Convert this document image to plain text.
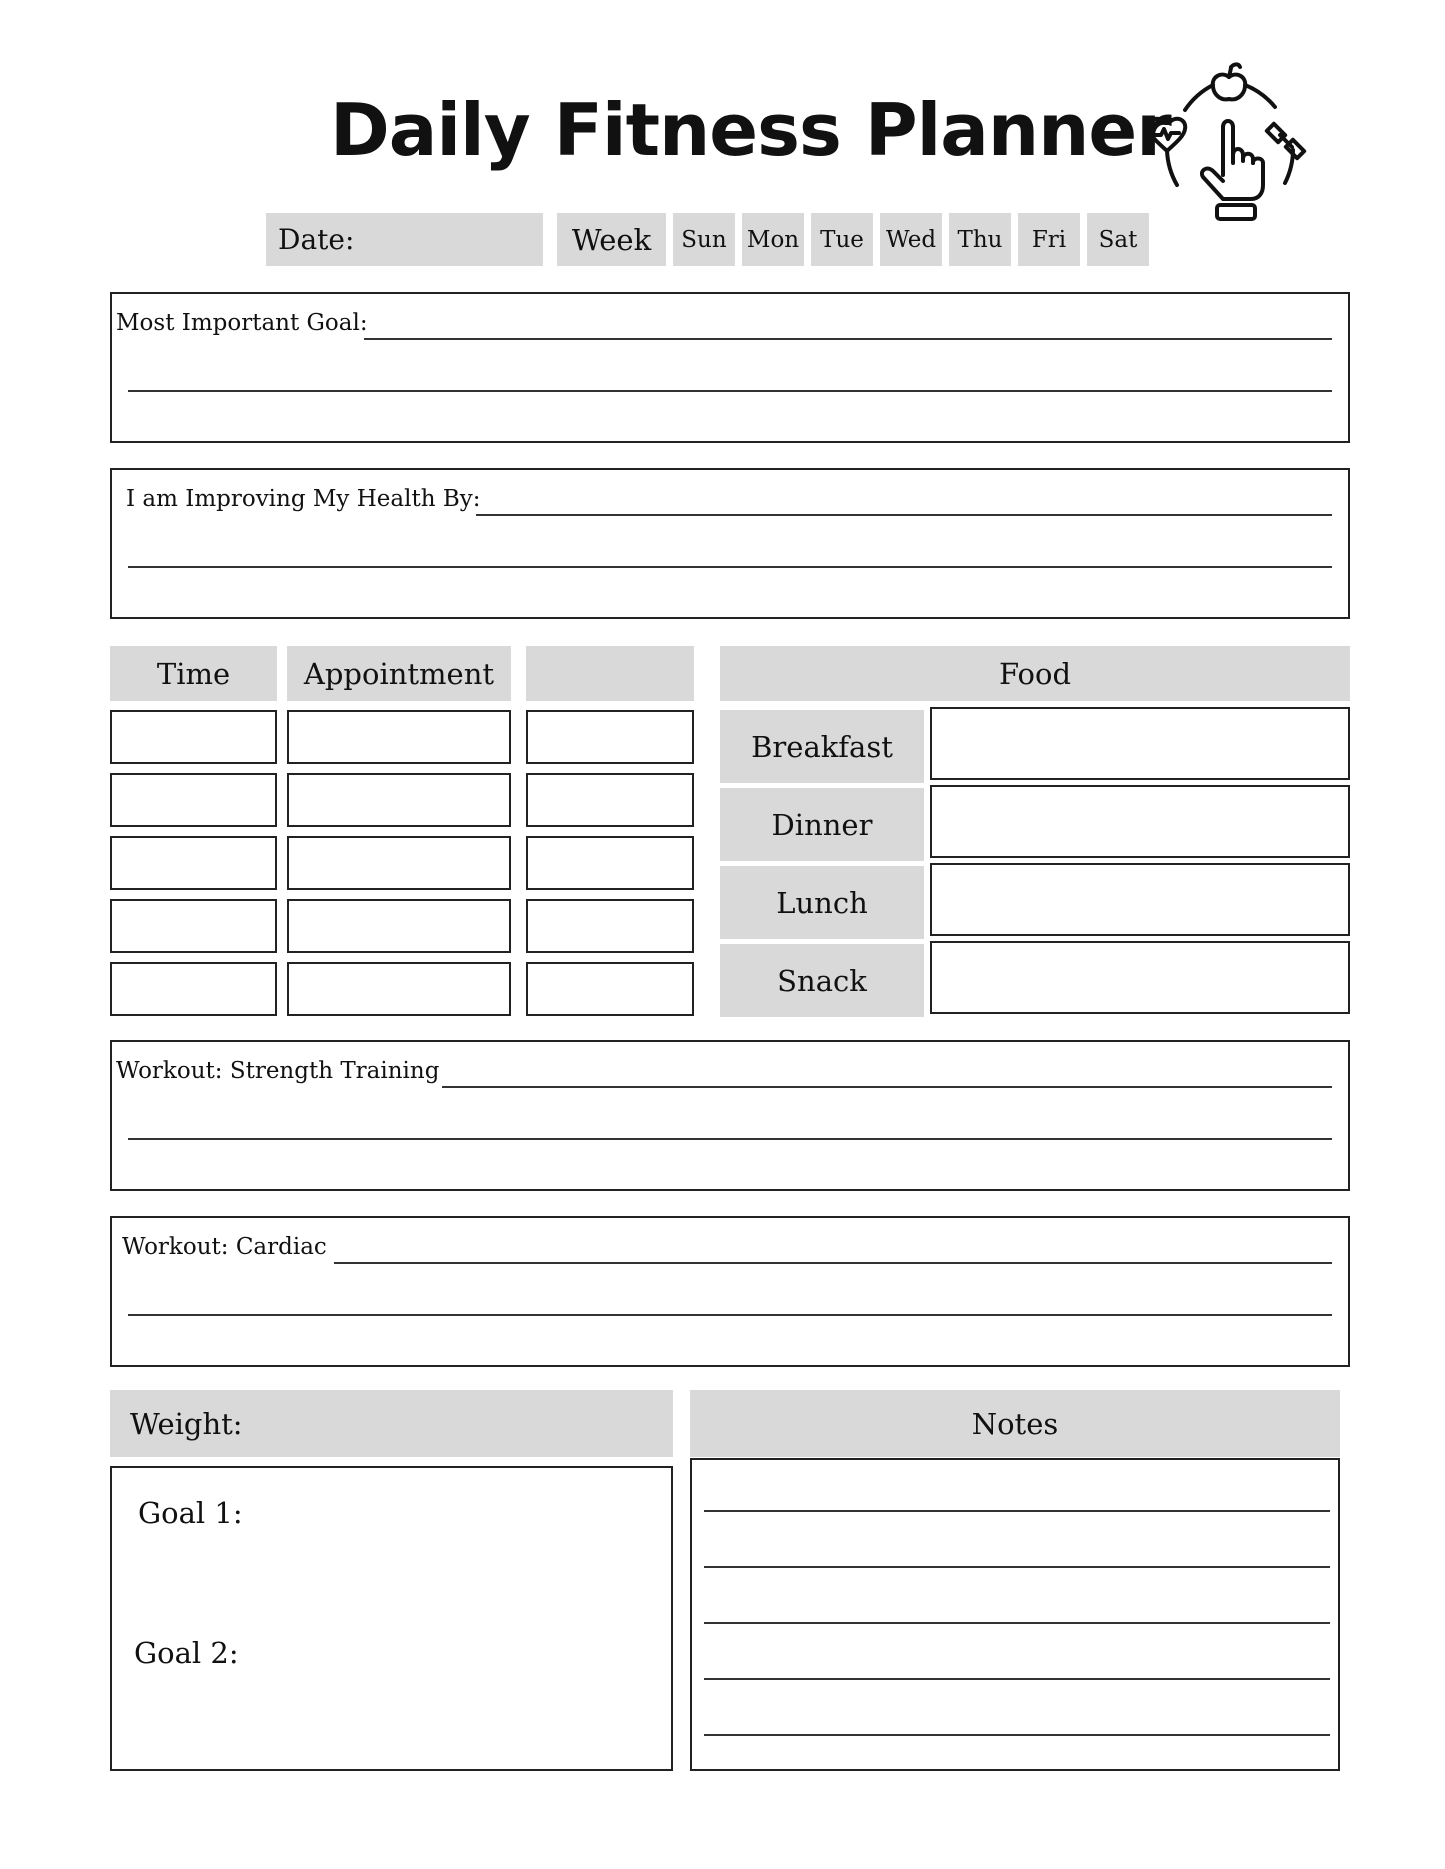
Daily Fitness Planner
Date:	Week	Sun Mon Tue Wed Thu	Fri	Sat
Most Important Goal:
I am Improving My Health By:
Time	Appointment	Food
Breakfast
Dinner
Lunch
Snack
Workout: Strength Training
Workout: Cardiac
Weight:
Goal 1:
Goal 2:
Notes
